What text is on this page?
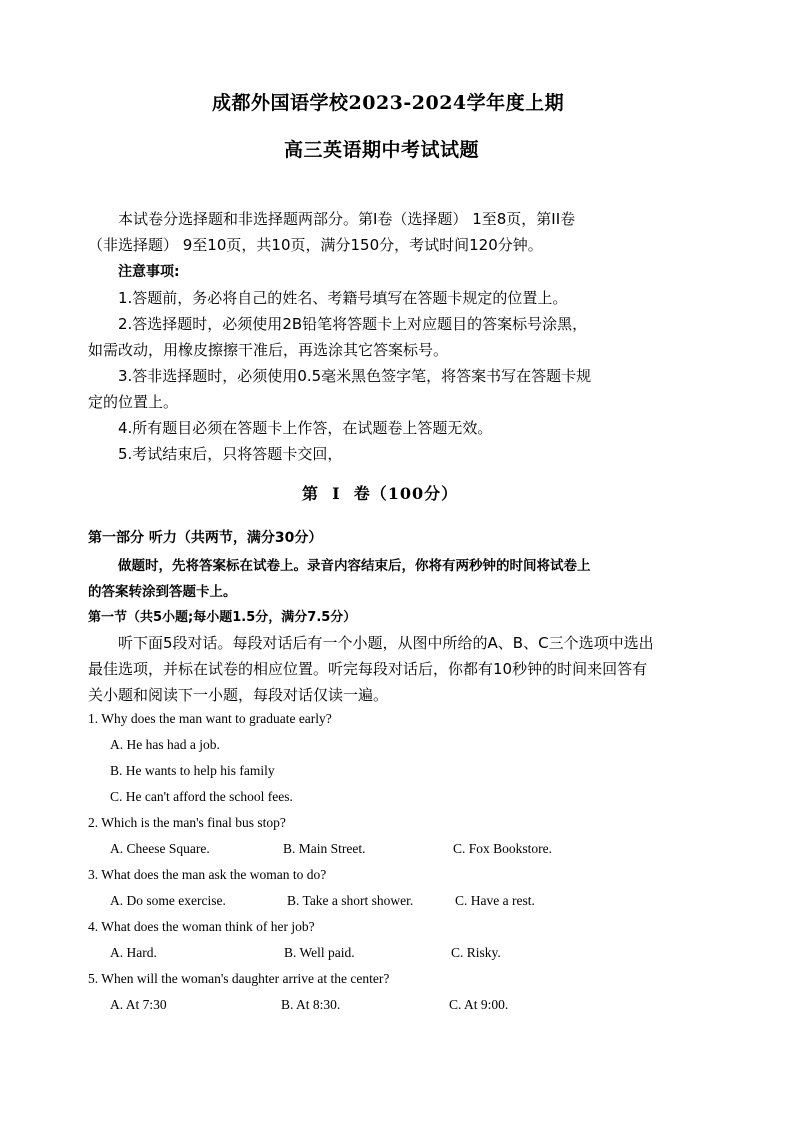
成都外国语学校2023-2024学年度上期
高三英语期中考试试题
本试卷分选择题和非选择题两部分。第I卷（选择题） 1至8页，第II卷
（非选择题） 9至10页，共10页，满分150分，考试时间120分钟。
注意事项:
1.答题前，务必将自己的姓名、考籍号填写在答题卡规定的位置上。
2.答选择题时，必须使用2B铅笔将答题卡上对应题目的答案标号涂黑，
如需改动，用橡皮擦擦干准后，再选涂其它答案标号。
3.答非选择题时，必须使用0.5毫米黑色签字笔，将答案书写在答题卡规
定的位置上。
4.所有题目必须在答题卡上作答，在试题卷上答题无效。
5.考试结束后，只将答题卡交回，
第  I  卷（100分）
第一部分 听力（共两节，满分30分）
做题时，先将答案标在试卷上。录音内容结束后，你将有两秒钟的时间将试卷上
的答案转涂到答题卡上。
第一节（共5小题;每小题1.5分，满分7.5分）
听下面5段对话。每段对话后有一个小题，从图中所给的A、B、C三个选项中选出
最佳选项，并标在试卷的相应位置。听完每段对话后，你都有10秒钟的时间来回答有
关小题和阅读下一小题，每段对话仅读一遍。
1. Why does the man want to graduate early?
A. He has had a job.
B. He wants to help his family
C. He can't afford the school fees.
2. Which is the man's final bus stop?
A. Cheese Square.	B. Main Street.	C. Fox Bookstore.
3. What does the man ask the woman to do?
A. Do some exercise.	B. Take a short shower.	C. Have a rest.
4. What does the woman think of her job?
A. Hard.	B. Well paid.	C. Risky.
5. When will the woman's daughter arrive at the center?
A. At 7:30	B. At 8:30.	C. At 9:00.
